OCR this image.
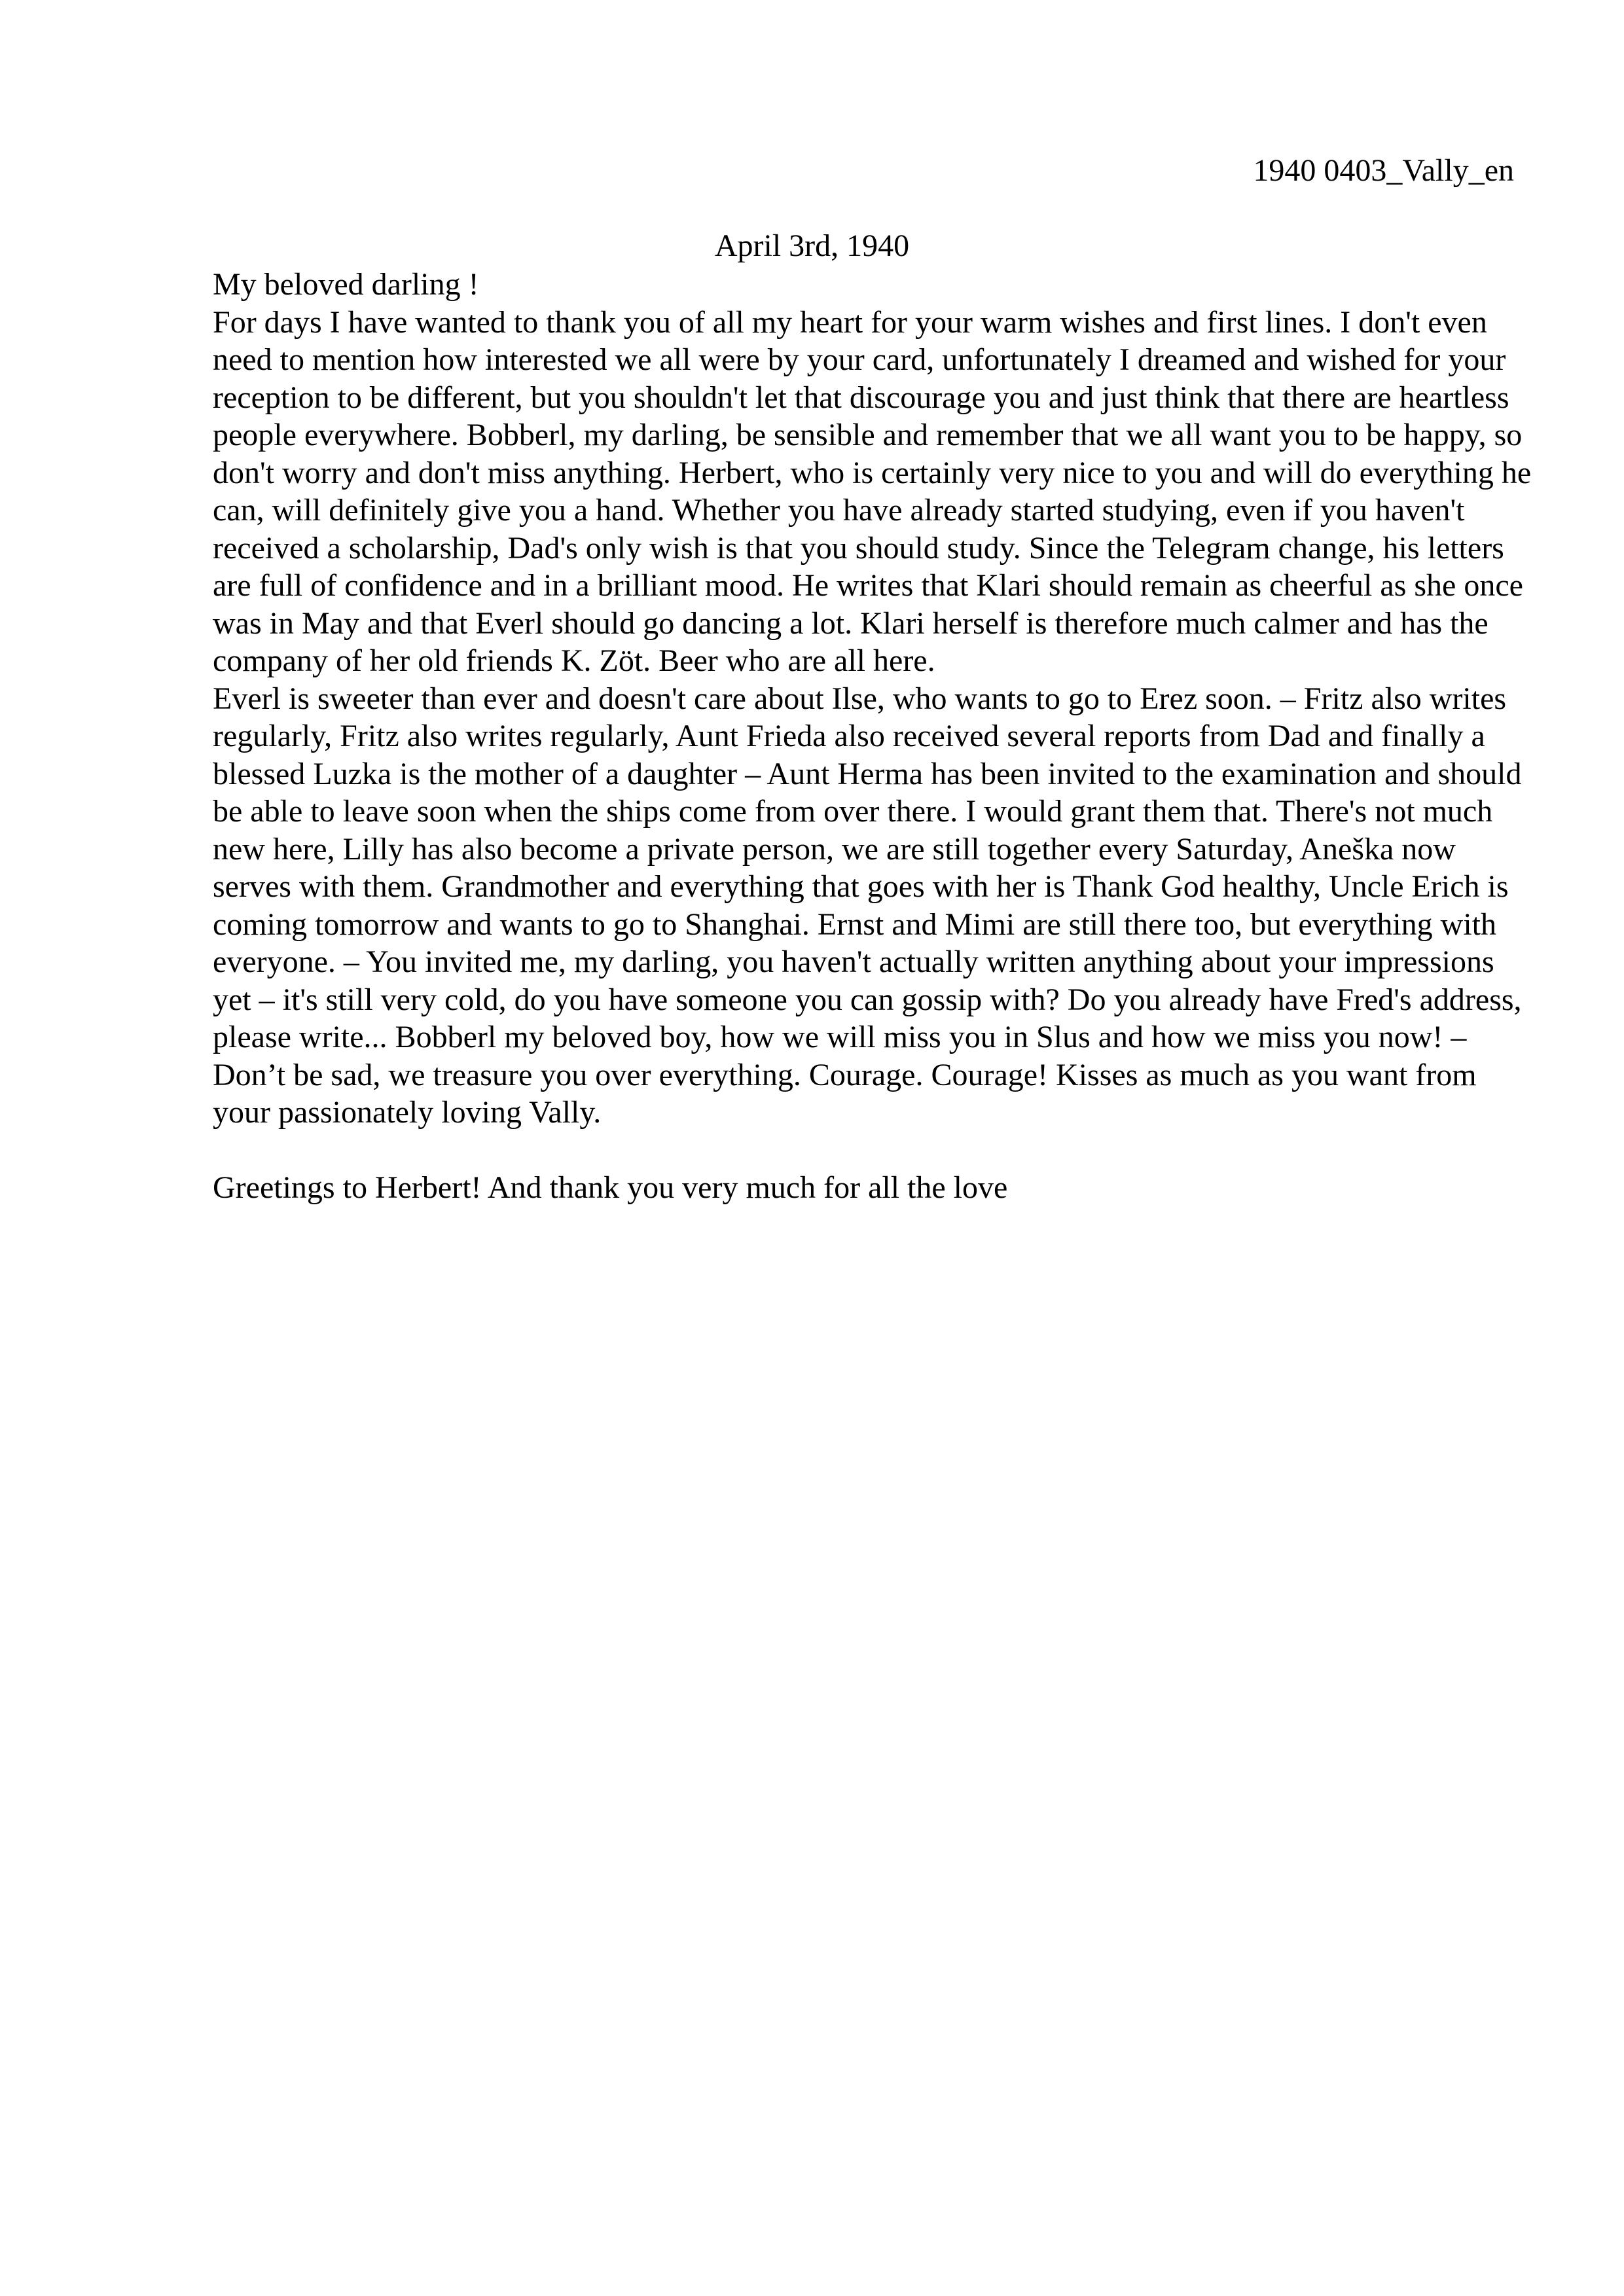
1940 0403_Vally_en
April 3rd, 1940

My beloved darling !

For days I have wanted to thank you of all my heart for your warm wishes and first lines. I don't even need to mention how interested we all were by your card, unfortunately I dreamed and wished for your reception to be different, but you shouldn't let that discourage you and just think that there are heartless people everywhere. Bobberl, my darling, be sensible and remember that we all want you to be happy, so don't worry and don't miss anything. Herbert, who is certainly very nice to you and will do everything he can, will definitely give you a hand. Whether you have already started studying, even if you haven't received a scholarship, Dad's only wish is that you should study. Since the Telegram change, his letters are full of confidence and in a brilliant mood. He writes that Klari should remain as cheerful as she once was in May and that Everl should go dancing a lot. Klari herself is therefore much calmer and has the company of her old friends K. Zöt. Beer who are all here.

Everl is sweeter than ever and doesn't care about Ilse, who wants to go to Erez soon. – Fritz also writes regularly, Fritz also writes regularly, Aunt Frieda also received several reports from Dad and finally a blessed Luzka is the mother of a daughter – Aunt Herma has been invited to the examination and should be able to leave soon when the ships come from over there. I would grant them that. There's not much new here, Lilly has also become a private person, we are still together every Saturday, Aneška now serves with them. Grandmother and everything that goes with her is Thank God healthy, Uncle Erich is coming tomorrow and wants to go to Shanghai. Ernst and Mimi are still there too, but everything with everyone. – You invited me, my darling, you haven't actually written anything about your impressions yet – it's still very cold, do you have someone you can gossip with? Do you already have Fred's address, please write... Bobberl my beloved boy, how we will miss you in Slus and how we miss you now! – Don’t be sad, we treasure you over everything. Courage. Courage! Kisses as much as you want from your passionately loving Vally.

Greetings to Herbert! And thank you very much for all the love
